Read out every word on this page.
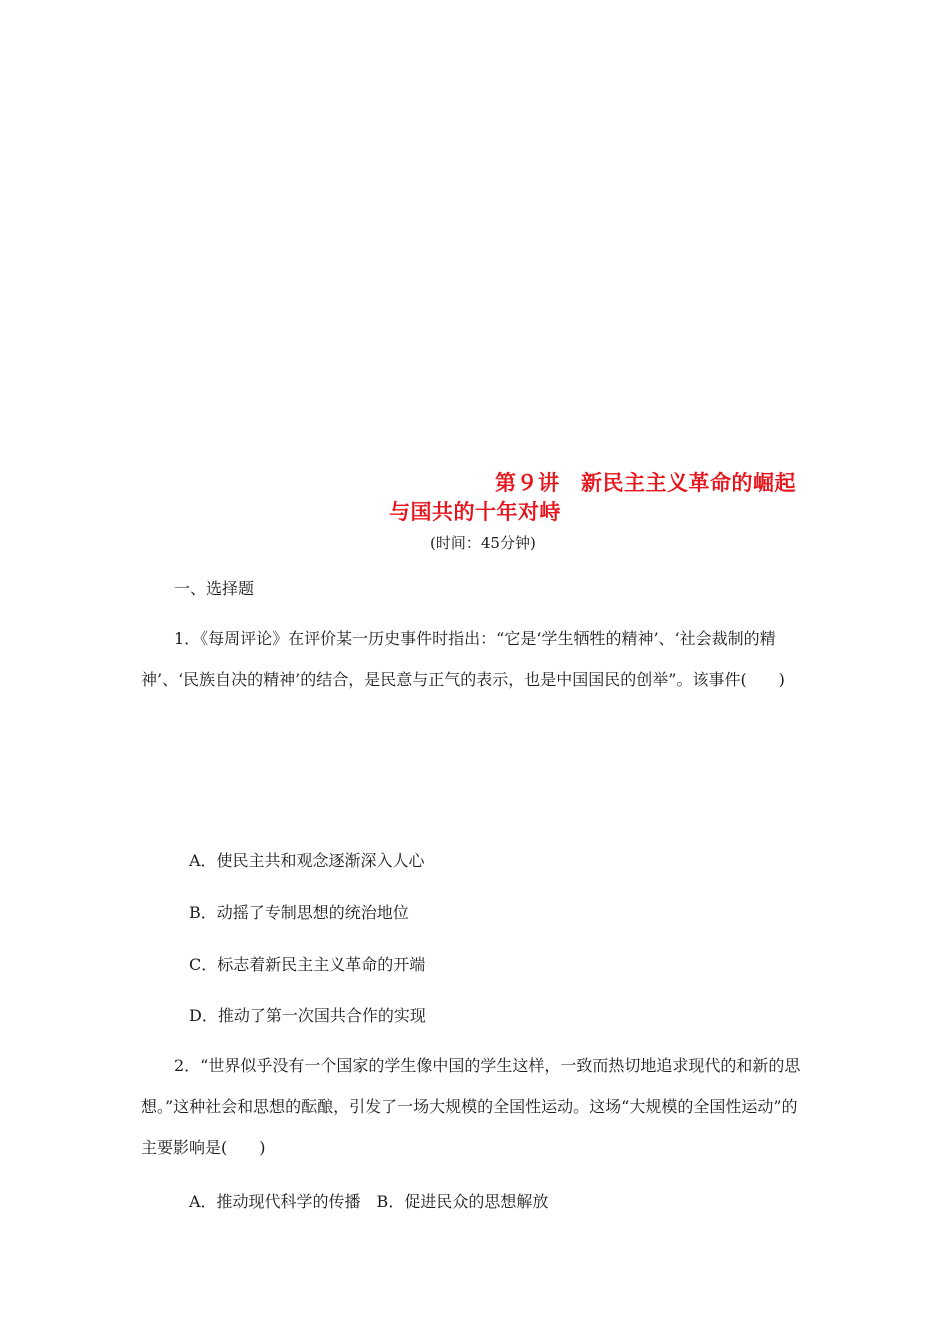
第９讲　新民主主义革命的崛起
与国共的十年对峙
(时间：45分钟)
一、选择题
1．《每周评论》在评价某一历史事件时指出：“它是‘学生牺牲的精神’、‘社会裁制的精神’、‘民族自决的精神’的结合，是民意与正气的表示，也是中国国民的创举”。该事件(　　)
A．使民主共和观念逐渐深入人心
B．动摇了专制思想的统治地位
C．标志着新民主主义革命的开端
D．推动了第一次国共合作的实现
2．“世界似乎没有一个国家的学生像中国的学生这样，一致而热切地追求现代的和新的思想。”这种社会和思想的酝酿，引发了一场大规模的全国性运动。这场“大规模的全国性运动”的主要影响是(　　)
A．推动现代科学的传播　B．促进民众的思想解放
